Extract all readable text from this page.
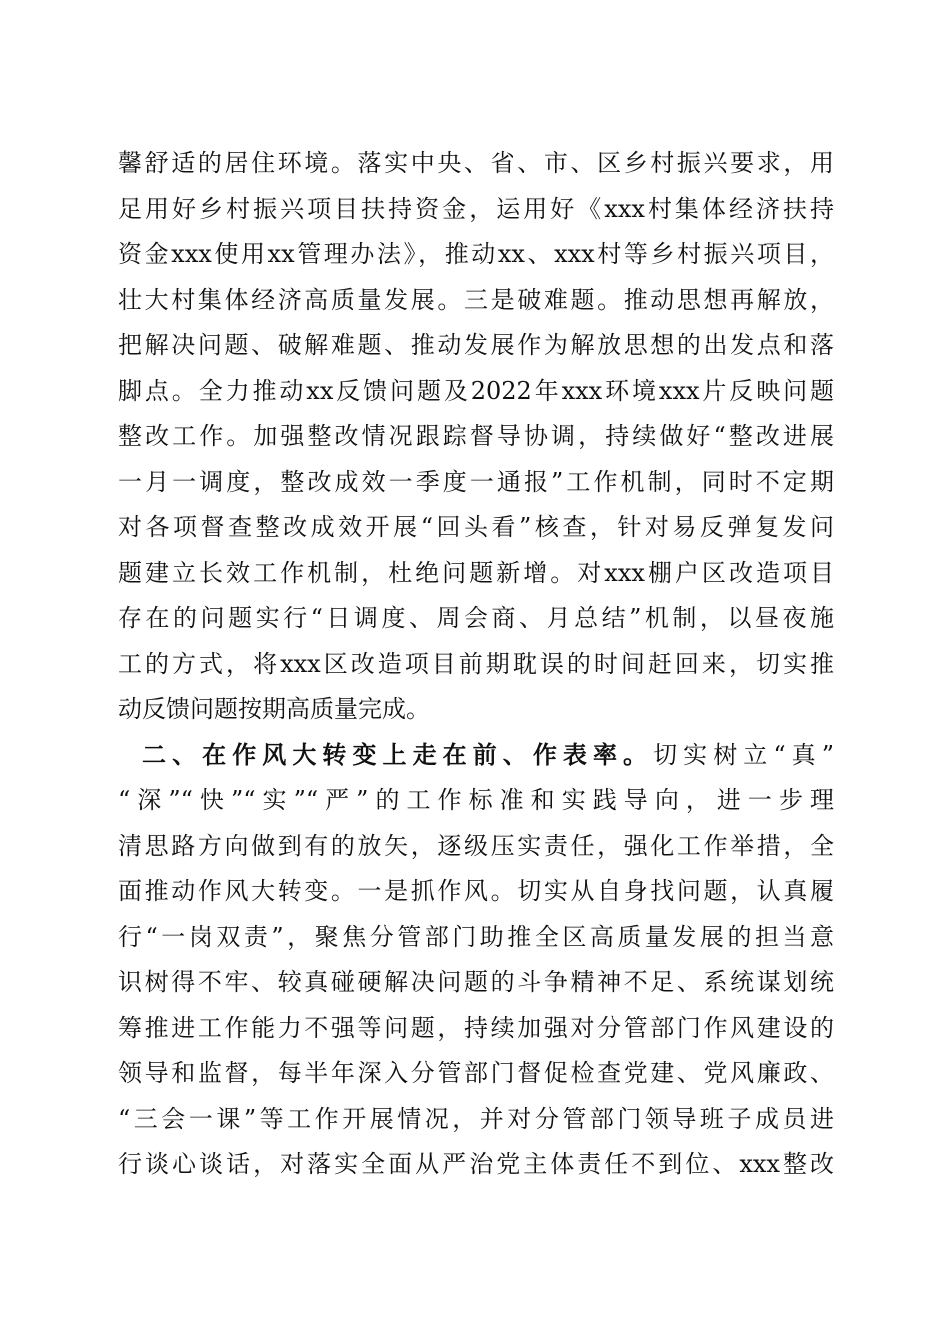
馨舒适的居住环境。落实中央、省、市、区乡村振兴要求，用
足用好乡村振兴项目扶持资金，运用好《xxx村集体经济扶持
资金xxx使用xx管理办法》，推动xx、xxx村等乡村振兴项目，
壮大村集体经济高质量发展。三是破难题。推动思想再解放，
把解决问题、破解难题、推动发展作为解放思想的出发点和落
脚点。全力推动xx反馈问题及2022年xxx环境xxx片反映问题
整改工作。加强整改情况跟踪督导协调，持续做好“整改进展
一月一调度，整改成效一季度一通报”工作机制，同时不定期
对各项督查整改成效开展“回头看”核查，针对易反弹复发问
题建立长效工作机制，杜绝问题新增。对xxx棚户区改造项目
存在的问题实行“日调度、周会商、月总结”机制，以昼夜施
工的方式，将xxx区改造项目前期耽误的时间赶回来，切实推
动反馈问题按期高质量完成。
二、在作风大转变上走在前、作表率。切实树立“真”
“深”“快”“实”“严”的工作标准和实践导向，进一步理
清思路方向做到有的放矢，逐级压实责任，强化工作举措，全
面推动作风大转变。一是抓作风。切实从自身找问题，认真履
行“一岗双责”，聚焦分管部门助推全区高质量发展的担当意
识树得不牢、较真碰硬解决问题的斗争精神不足、系统谋划统
筹推进工作能力不强等问题，持续加强对分管部门作风建设的
领导和监督，每半年深入分管部门督促检查党建、党风廉政、
“三会一课”等工作开展情况，并对分管部门领导班子成员进
行谈心谈话，对落实全面从严治党主体责任不到位、xxx整改
